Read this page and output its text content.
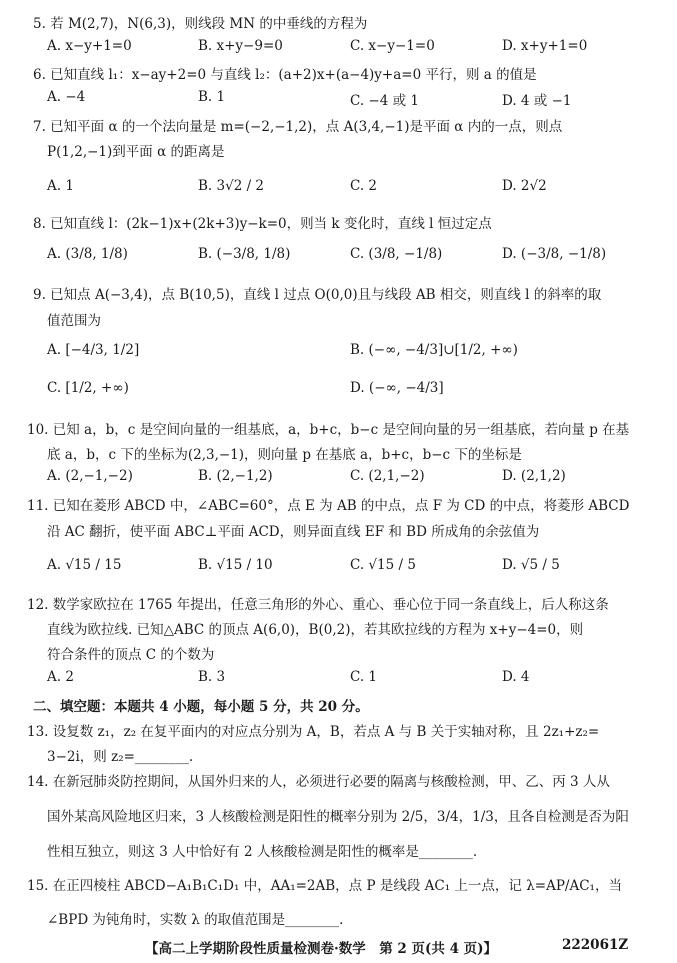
5. 若 M(2,7)，N(6,3)，则线段 MN 的中垂线的方程为
A. x−y+1=0	B. x+y−9=0	C. x−y−1=0	D. x+y+1=0
6. 已知直线 l₁：x−ay+2=0 与直线 l₂：(a+2)x+(a−4)y+a=0 平行，则 a 的值是
A. −4	B. 1	C. −4 或 1	D. 4 或 −1
7. 已知平面 α 的一个法向量是 m=(−2,−1,2)，点 A(3,4,−1)是平面 α 内的一点，则点
P(1,2,−1)到平面 α 的距离是
A. 1	B. 3√2 / 2	C. 2	D. 2√2
8. 已知直线 l：(2k−1)x+(2k+3)y−k=0，则当 k 变化时，直线 l 恒过定点
A. (3/8, 1/8)	B. (−3/8, 1/8)	C. (3/8, −1/8)	D. (−3/8, −1/8)
9. 已知点 A(−3,4)，点 B(10,5)，直线 l 过点 O(0,0)且与线段 AB 相交，则直线 l 的斜率的取
值范围为
A. [−4/3, 1/2]	B. (−∞, −4/3]∪[1/2, +∞)
C. [1/2, +∞)	D. (−∞, −4/3]
10. 已知 a，b，c 是空间向量的一组基底，a，b+c，b−c 是空间向量的另一组基底，若向量 p 在基
底 a，b，c 下的坐标为(2,3,−1)，则向量 p 在基底 a，b+c，b−c 下的坐标是
A. (2,−1,−2)	B. (2,−1,2)	C. (2,1,−2)	D. (2,1,2)
11. 已知在菱形 ABCD 中，∠ABC=60°，点 E 为 AB 的中点，点 F 为 CD 的中点，将菱形 ABCD
沿 AC 翻折，使平面 ABC⊥平面 ACD，则异面直线 EF 和 BD 所成角的余弦值为
A. √15 / 15	B. √15 / 10	C. √15 / 5	D. √5 / 5
12. 数学家欧拉在 1765 年提出，任意三角形的外心、重心、垂心位于同一条直线上，后人称这条
直线为欧拉线. 已知△ABC 的顶点 A(6,0)，B(0,2)，若其欧拉线的方程为 x+y−4=0，则
符合条件的顶点 C 的个数为
A. 2	B. 3	C. 1	D. 4
二、填空题：本题共 4 小题，每小题 5 分，共 20 分。
13. 设复数 z₁，z₂ 在复平面内的对应点分别为 A，B，若点 A 与 B 关于实轴对称，且 2z₁+z₂=
3−2i，则 z₂=________.
14. 在新冠肺炎防控期间，从国外归来的人，必须进行必要的隔离与核酸检测，甲、乙、丙 3 人从
国外某高风险地区归来，3 人核酸检测是阳性的概率分别为 2/5，3/4，1/3，且各自检测是否为阳
性相互独立，则这 3 人中恰好有 2 人核酸检测是阳性的概率是________.
15. 在正四棱柱 ABCD−A₁B₁C₁D₁ 中，AA₁=2AB，点 P 是线段 AC₁ 上一点，记 λ=AP/AC₁，当
∠BPD 为钝角时，实数 λ 的取值范围是________.
【高二上学期阶段性质量检测卷·数学　第 2 页(共 4 页)】	222061Z
